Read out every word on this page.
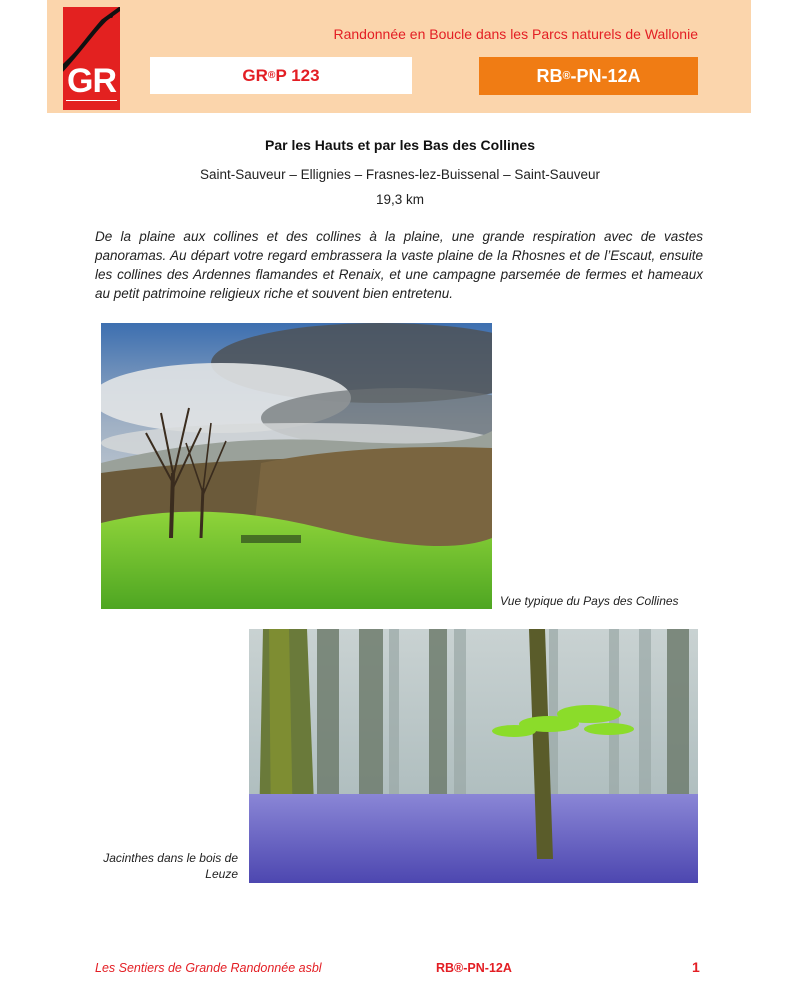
GR
Randonnée en Boucle dans les Parcs naturels de Wallonie
GR ® P 123	RB ® -PN-12A
Par les Hauts et par les Bas des Collines
Saint-Sauveur – Ellignies – Frasnes-lez-Buissenal – Saint-Sauveur
19,3 km

De la plaine aux collines et des collines à la plaine, une grande respiration avec de vastes panoramas. Au départ votre regard embrassera la vaste plaine de la Rhosnes et de l’Escaut, ensuite les collines des Ardennes flamandes et Renaix, et une campagne parsemée de fermes et hameaux au petit patrimoine religieux riche et souvent bien entretenu.

Vue typique du Pays des Collines
Jacinthes dans le bois de Leuze
Les Sentiers de Grande Randonnée asbl	RB®-PN-12A	1
